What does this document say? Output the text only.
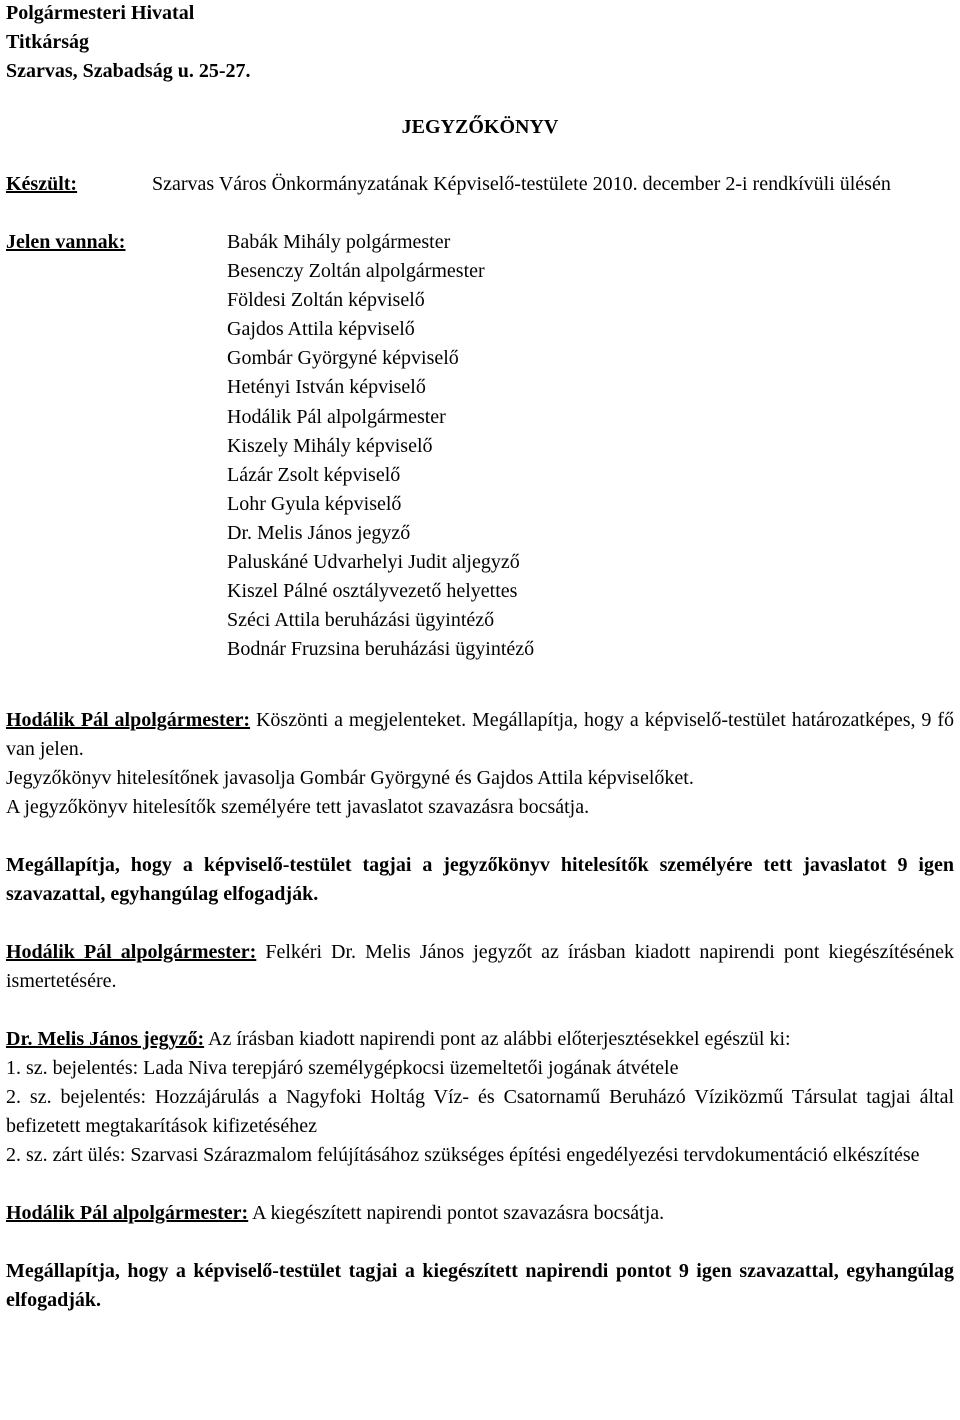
Polgármesteri Hivatal
Titkárság
Szarvas, Szabadság u. 25-27.
JEGYZŐKÖNYV
Készült:	Szarvas Város Önkormányzatának Képviselő-testülete 2010. december 2-i rendkívüli ülésén
Jelen vannak:	Babák Mihály polgármester
Besenczy Zoltán alpolgármester
Földesi Zoltán képviselő
Gajdos Attila képviselő
Gombár Györgyné képviselő
Hetényi István képviselő
Hodálik Pál alpolgármester
Kiszely Mihály képviselő
Lázár Zsolt képviselő
Lohr Gyula képviselő
Dr. Melis János jegyző
Paluskáné Udvarhelyi Judit aljegyző
Kiszel Pálné osztályvezető helyettes
Széci Attila beruházási ügyintéző
Bodnár Fruzsina beruházási ügyintéző

Hodálik Pál alpolgármester: Köszönti a megjelenteket. Megállapítja, hogy a képviselő-testület határozatképes, 9 fő van jelen.

Jegyzőkönyv hitelesítőnek javasolja Gombár Györgyné és Gajdos Attila képviselőket.

A jegyzőkönyv hitelesítők személyére tett javaslatot szavazásra bocsátja.

Megállapítja, hogy a képviselő-testület tagjai a jegyzőkönyv hitelesítők személyére tett javaslatot 9 igen szavazattal, egyhangúlag elfogadják.

Hodálik Pál alpolgármester: Felkéri Dr. Melis János jegyzőt az írásban kiadott napirendi pont kiegészítésének ismertetésére.

Dr. Melis János jegyző: Az írásban kiadott napirendi pont az alábbi előterjesztésekkel egészül ki:

1. sz. bejelentés: Lada Niva terepjáró személygépkocsi üzemeltetői jogának átvétele

2. sz. bejelentés: Hozzájárulás a Nagyfoki Holtág Víz- és Csatornamű Beruházó Víziközmű Társulat tagjai által befizetett megtakarítások kifizetéséhez

2. sz. zárt ülés: Szarvasi Szárazmalom felújításához szükséges építési engedélyezési tervdokumentáció elkészítése

Hodálik Pál alpolgármester: A kiegészített napirendi pontot szavazásra bocsátja.

Megállapítja, hogy a képviselő-testület tagjai a kiegészített napirendi pontot 9 igen szavazattal, egyhangúlag elfogadják.
